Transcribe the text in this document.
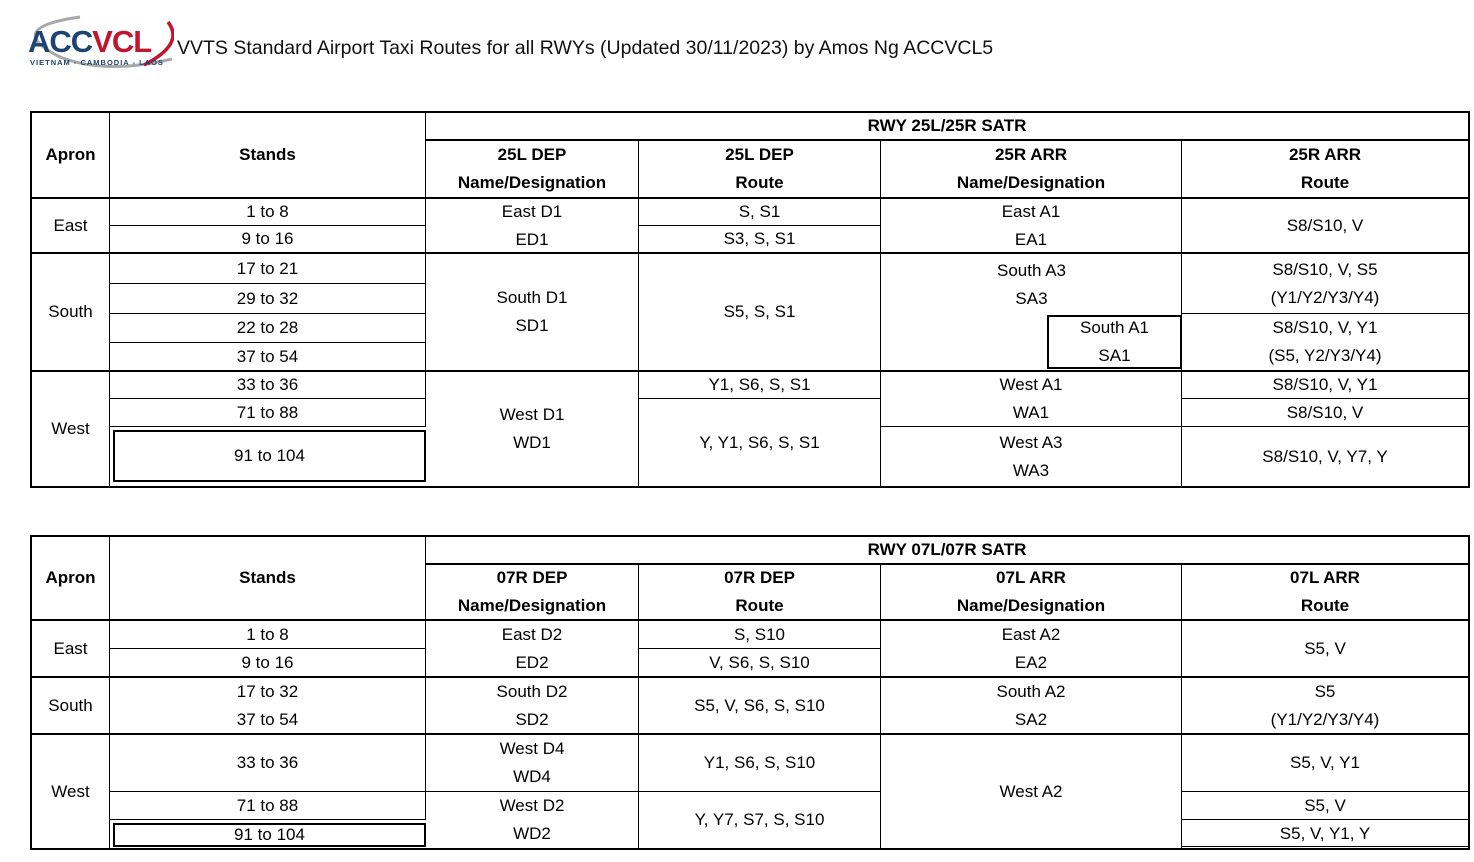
ACCVCL
VIETNAM - CAMBODIA - LAOS
VVTS Standard Airport Taxi Routes for all RWYs (Updated 30/11/2023) by Amos Ng ACCVCL5
Apron	Stands
RWY 25L/25R SATR
25L DEP
Name/Designation
25L DEP
Route
25R ARR
Name/Designation
25R ARR
Route
East
1 to 8
9 to 16
East D1
ED1
S, S1
S3, S, S1
East A1
EA1
S8/S10, V
South
17 to 21
29 to 32
22 to 28
37 to 54
South D1
SD1
S5, S, S1
South A3
SA3
South A1
SA1
S8/S10, V, S5
(Y1/Y2/Y3/Y4)
S8/S10, V, Y1
(S5, Y2/Y3/Y4)
West
33 to 36
71 to 88
91 to 104
West D1
WD1
Y1, S6, S, S1
Y, Y1, S6, S, S1
West A1
WA1
West A3
WA3
S8/S10, V, Y1
S8/S10, V
S8/S10, V, Y7, Y
Apron	Stands
RWY 07L/07R SATR
07R DEP
Name/Designation
07R DEP
Route
07L ARR
Name/Designation
07L ARR
Route
East
1 to 8
9 to 16
East D2
ED2
S, S10
V, S6, S, S10
East A2
EA2
S5, V
South
17 to 32
37 to 54
South D2
SD2
S5, V, S6, S, S10
South A2
SA2
S5
(Y1/Y2/Y3/Y4)
West
33 to 36
71 to 88
91 to 104
West D4
WD4
West D2
WD2
Y1, S6, S, S10
Y, Y7, S7, S, S10
West A2
S5, V, Y1
S5, V
S5, V, Y1, Y
